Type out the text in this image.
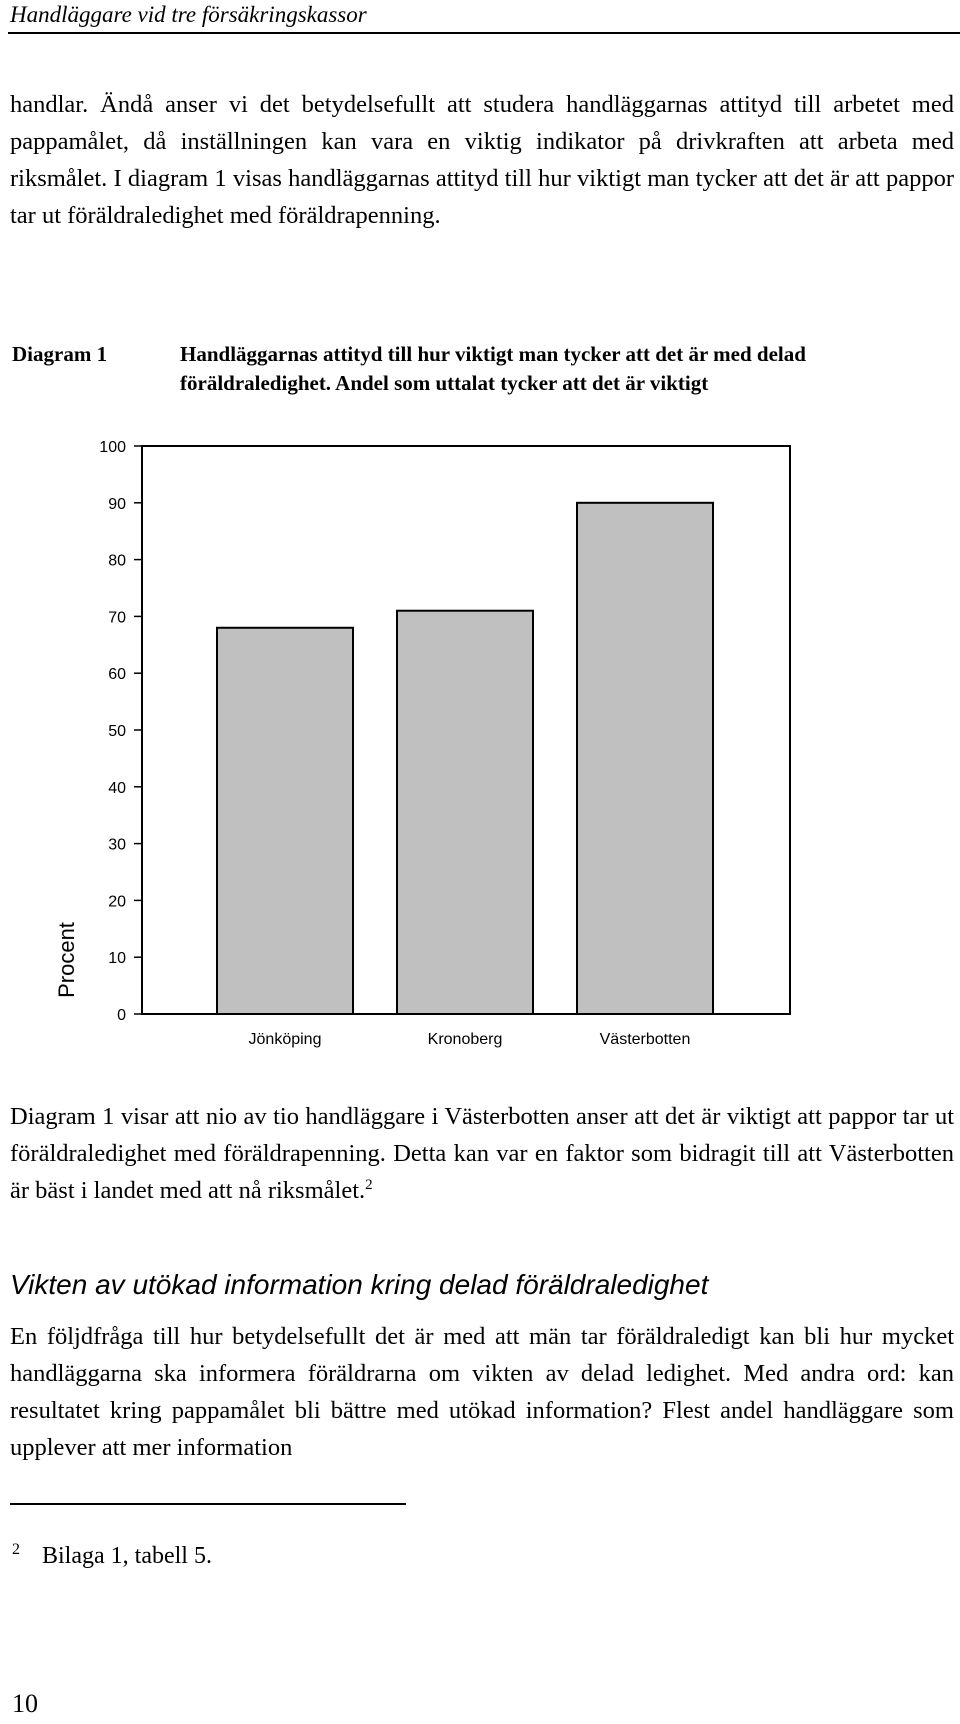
Handläggare vid tre försäkringskassor

handlar. Ändå anser vi det betydelsefullt att studera handläggarnas attityd till arbetet med pappamålet, då inställningen kan vara en viktig indikator på drivkraften att arbeta med riksmålet. I diagram 1 visas handläggarnas attityd till hur viktigt man tycker att det är att pappor tar ut föräldraledighet med föräldrapenning.

Diagram 1	Handläggarnas attityd till hur viktigt man tycker att det är med delad föräldraledighet. Andel som uttalat tycker att det är viktigt

0
10
20
30
40
50
60
70
80
90
100
Procent
Jönköping	Kronoberg	Västerbotten

Diagram 1 visar att nio av tio handläggare i Västerbotten anser att det är viktigt att pappor tar ut föräldraledighet med föräldrapenning. Detta kan var en faktor som bidragit till att Västerbotten är bäst i landet med att nå riksmålet.$^2$

Vikten av utökad information kring delad föräldraledighet

En följdfråga till hur betydelsefullt det är med att män tar föräldraledigt kan bli hur mycket handläggarna ska informera föräldrarna om vikten av delad ledighet. Med andra ord: kan resultatet kring pappamålet bli bättre med utökad information? Flest andel handläggare som upplever att mer information

$^2$ Bilaga 1, tabell 5.
10
